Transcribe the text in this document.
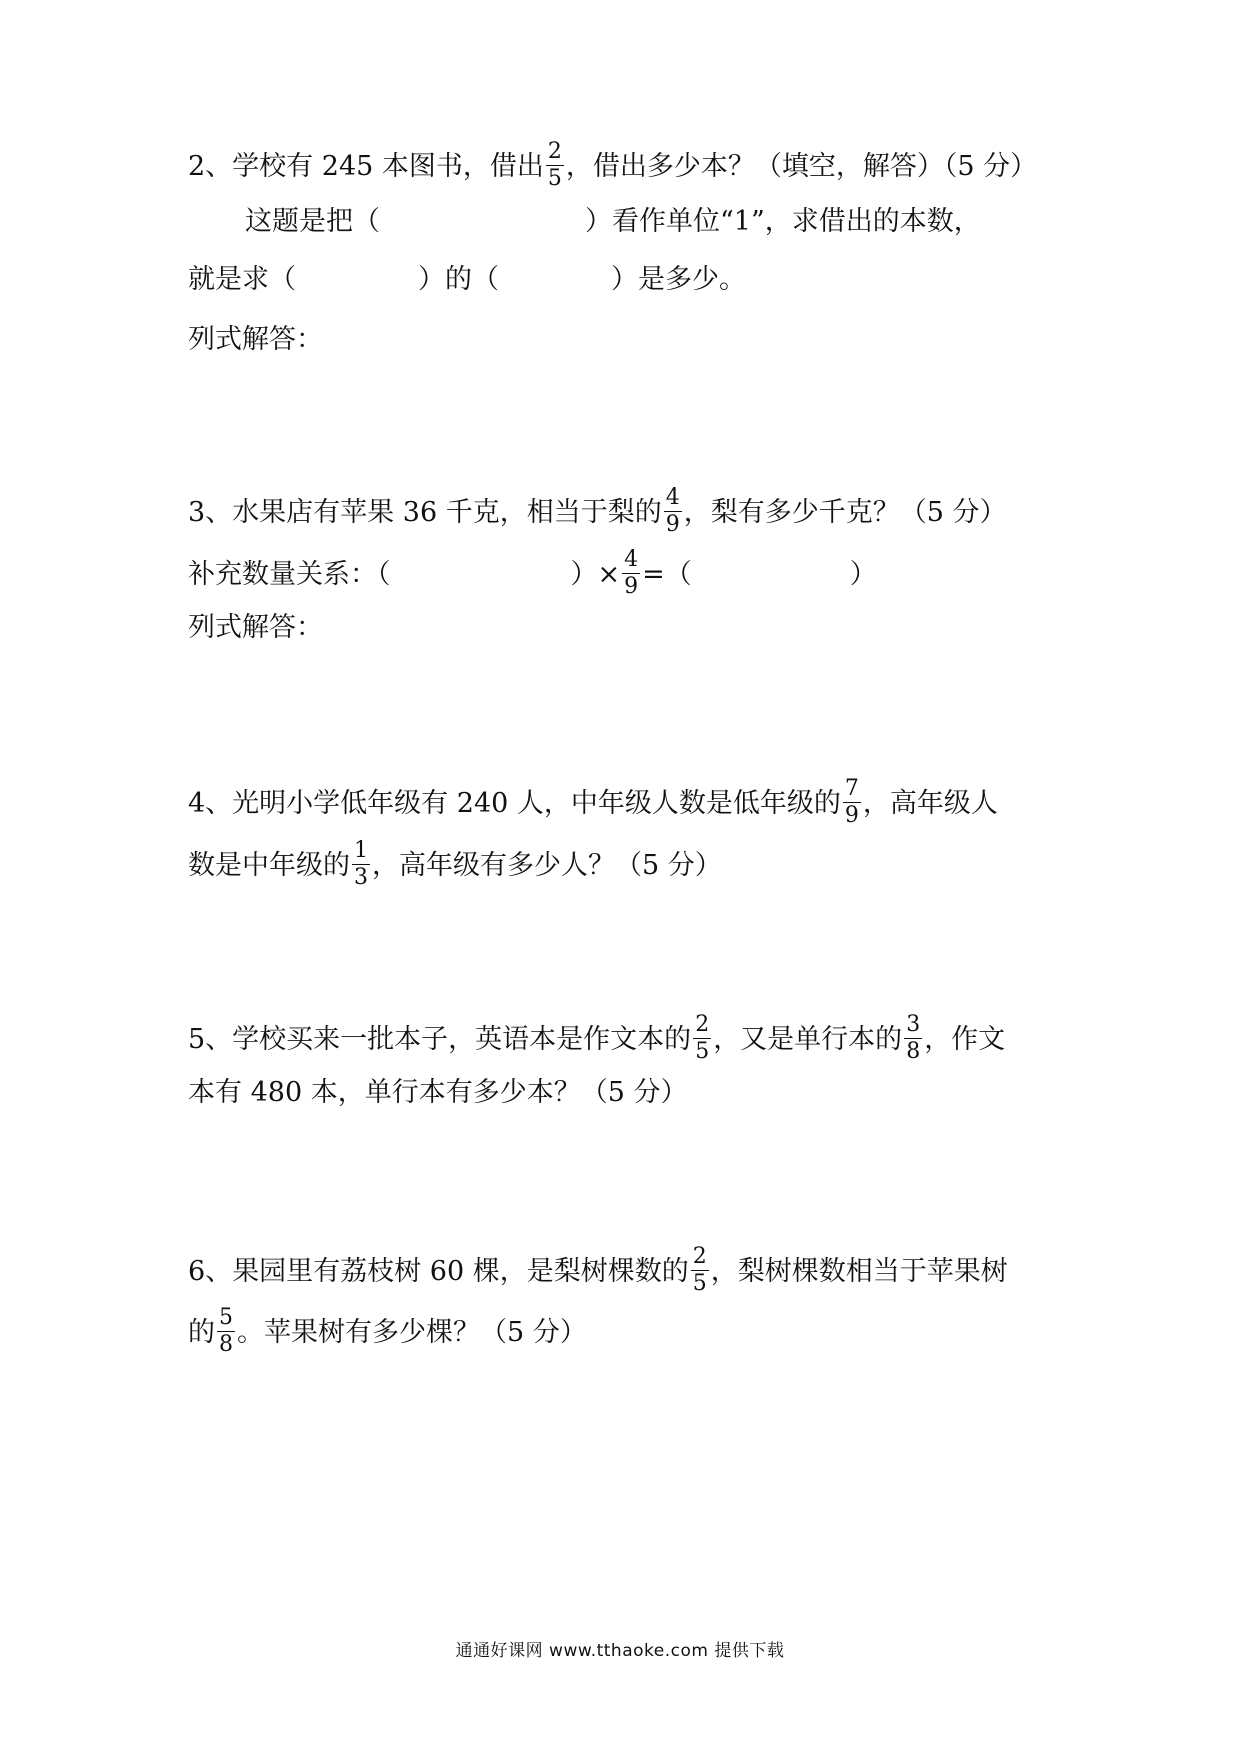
2、学校有 245 本图书，借出 $\frac{2}{5}$ ，借出多少本？（填空，解答）（5 分）
这题是把（	）看作单位“1”，求借出的本数，
就是求（	）的（	）是多少。
列式解答：
3、水果店有苹果 36 千克，相当于梨的 $\frac{4}{9}$ ，梨有多少千克？（5 分）
补充数量关系：（	）× $\frac{4}{9}$ =（	）
列式解答：
4、光明小学低年级有 240 人，中年级人数是低年级的 $\frac{7}{9}$ ，高年级人
数是中年级的 $\frac{1}{3}$ ，高年级有多少人？（5 分）
5、学校买来一批本子，英语本是作文本的 $\frac{2}{5}$ ，又是单行本的 $\frac{3}{8}$ ，作文
本有 480 本，单行本有多少本？（5 分）
6、果园里有荔枝树 60 棵，是梨树棵数的 $\frac{2}{5}$ ，梨树棵数相当于苹果树
的 $\frac{5}{8}$ 。苹果树有多少棵？（5 分）
通通好课网 www.tthaoke.com 提供下载
